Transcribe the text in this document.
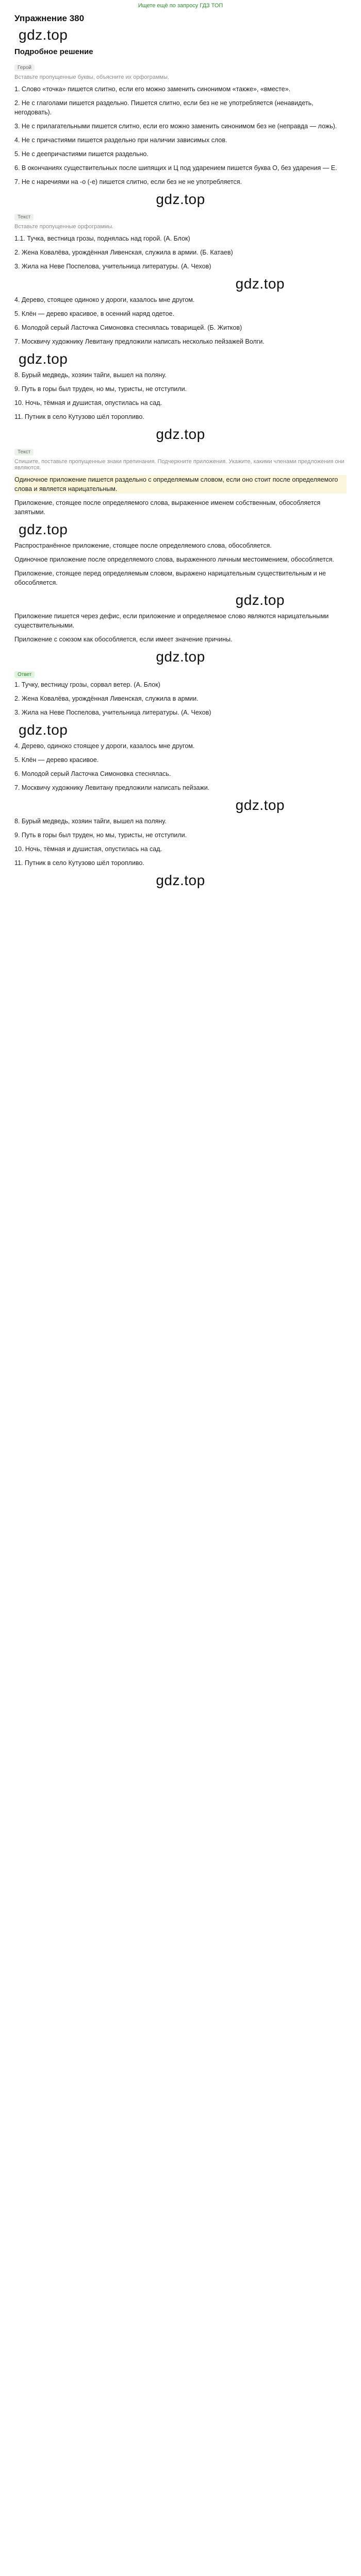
Ищете ещё по запросу ГДЗ ТОП
Упражнение 380
gdz.top
Подробное решение
Герой
Вставьте пропущенные буквы, объясните их орфограммы.

1. Слово «точка» пишется слитно, если его можно заменить синонимом «также», «вместе».

2. Не с глаголами пишется раздельно. Пишется слитно, если без не не употребляется (ненавидеть, негодовать).

3. Не с прилагательными пишется слитно, если его можно заменить синонимом без не (неправда — ложь).

4. Не с причастиями пишется раздельно при наличии зависимых слов.

5. Не с деепричастиями пишется раздельно.

6. В окончаниях существительных после шипящих и Ц под ударением пишется буква О, без ударения — Е.

7. Не с наречиями на -о (-е) пишется слитно, если без не не употребляется.

gdz.top
Текст
Вставьте пропущенные орфограммы.

1.1. Тучка, вестница грозы, поднялась над горой. (А. Блок)

2. Жена Ковалёва, урождённая Ливенская, служила в армии. (Б. Катаев)

3. Жила на Неве Поспелова, учительница литературы. (А. Чехов)

gdz.top

4. Дерево, стоящее одиноко у дороги, казалось мне другом.

5. Клён — дерево красивое, в осенний наряд одетое.

6. Молодой серый Ласточка Симоновка стеснялась товарищей. (Б. Житков)

7. Москвичу художнику Левитану предложили написать несколько пейзажей Волги.

gdz.top

8. Бурый медведь, хозяин тайги, вышел на поляну.

9. Путь в горы был труден, но мы, туристы, не отступили.

10. Ночь, тёмная и душистая, опустилась на сад.

11. Путник в село Кутузово шёл торопливо.

gdz.top
Текст
Спишите, поставьте пропущенные знаки препинания. Подчеркните приложения. Укажите, какими членами предложения они являются.

Одиночное приложение пишется раздельно с определяемым словом, если оно стоит после определяемого слова и является нарицательным.

Приложение, стоящее после определяемого слова, выраженное именем собственным, обособляется запятыми.

gdz.top

Распространённое приложение, стоящее после определяемого слова, обособляется.

Одиночное приложение после определяемого слова, выраженного личным местоимением, обособляется.

Приложение, стоящее перед определяемым словом, выражено нарицательным существительным и не обособляется.

gdz.top

Приложение пишется через дефис, если приложение и определяемое слово являются нарицательными существительными.

Приложение с союзом как обособляется, если имеет значение причины.

gdz.top
Ответ

1. Тучку, вестницу грозы, сорвал ветер. (А. Блок)

2. Жена Ковалёва, урождённая Ливенская, служила в армии.

3. Жила на Неве Поспелова, учительница литературы. (А. Чехов)

gdz.top

4. Дерево, одиноко стоящее у дороги, казалось мне другом.

5. Клён — дерево красивое.

6. Молодой серый Ласточка Симоновка стеснялась.

7. Москвичу художнику Левитану предложили написать пейзажи.

gdz.top

8. Бурый медведь, хозяин тайги, вышел на поляну.

9. Путь в горы был труден, но мы, туристы, не отступили.

10. Ночь, тёмная и душистая, опустилась на сад.

11. Путник в село Кутузово шёл торопливо.

gdz.top
